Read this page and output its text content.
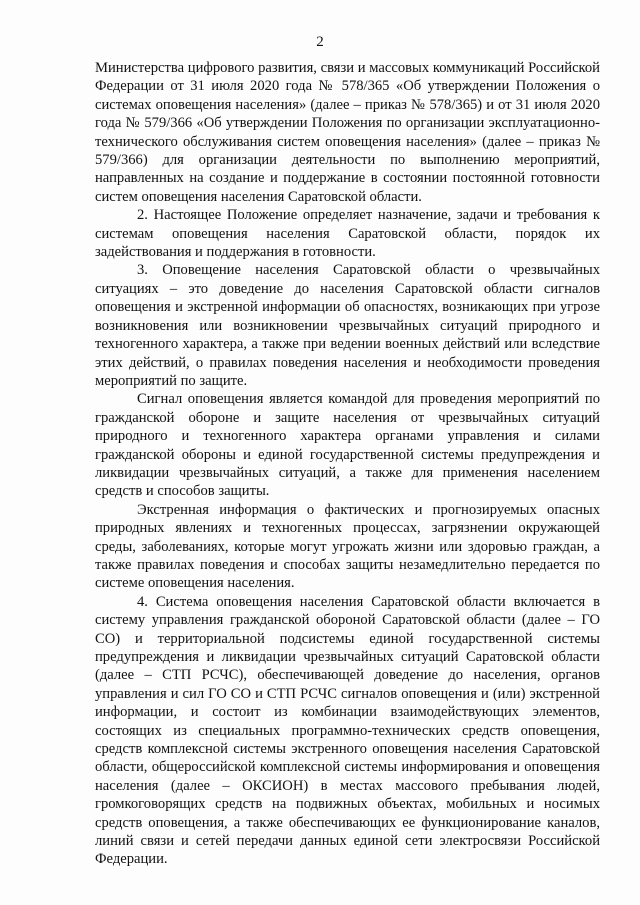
2

Министерства цифрового развития, связи и массовых коммуникаций Российской Федерации от 31 июля 2020 года № 578/365 «Об утверждении Положения о системах оповещения населения» (далее – приказ № 578/365) и от 31 июля 2020 года № 579/366 «Об утверждении Положения по организации эксплуатационно-технического обслуживания систем оповещения населения» (далее – приказ № 579/366) для организации деятельности по выполнению мероприятий, направленных на создание и поддержание в состоянии постоянной готовности систем оповещения населения Саратовской области.

2. Настоящее Положение определяет назначение, задачи и требования к системам оповещения населения Саратовской области, порядок их задействования и поддержания в готовности.

3. Оповещение населения Саратовской области о чрезвычайных ситуациях – это доведение до населения Саратовской области сигналов оповещения и экстренной информации об опасностях, возникающих при угрозе возникновения или возникновении чрезвычайных ситуаций природного и техногенного характера, а также при ведении военных действий или вследствие этих действий, о правилах поведения населения и необходимости проведения мероприятий по защите.

Сигнал оповещения является командой для проведения мероприятий по гражданской обороне и защите населения от чрезвычайных ситуаций природного и техногенного характера органами управления и силами гражданской обороны и единой государственной системы предупреждения и ликвидации чрезвычайных ситуаций, а также для применения населением средств и способов защиты.

Экстренная информация о фактических и прогнозируемых опасных природных явлениях и техногенных процессах, загрязнении окружающей среды, заболеваниях, которые могут угрожать жизни или здоровью граждан, а также правилах поведения и способах защиты незамедлительно передается по системе оповещения населения.

4. Система оповещения населения Саратовской области включается в систему управления гражданской обороной Саратовской области (далее – ГО СО) и территориальной подсистемы единой государственной системы предупреждения и ликвидации чрезвычайных ситуаций Саратовской области (далее – СТП РСЧС), обеспечивающей доведение до населения, органов управления и сил ГО СО и СТП РСЧС сигналов оповещения и (или) экстренной информации, и состоит из комбинации взаимодействующих элементов, состоящих из специальных программно-технических средств оповещения, средств комплексной системы экстренного оповещения населения Саратовской области, общероссийской комплексной системы информирования и оповещения населения (далее – ОКСИОН) в местах массового пребывания людей, громкоговорящих средств на подвижных объектах, мобильных и носимых средств оповещения, а также обеспечивающих ее функционирование каналов, линий связи и сетей передачи данных единой сети электросвязи Российской Федерации.
